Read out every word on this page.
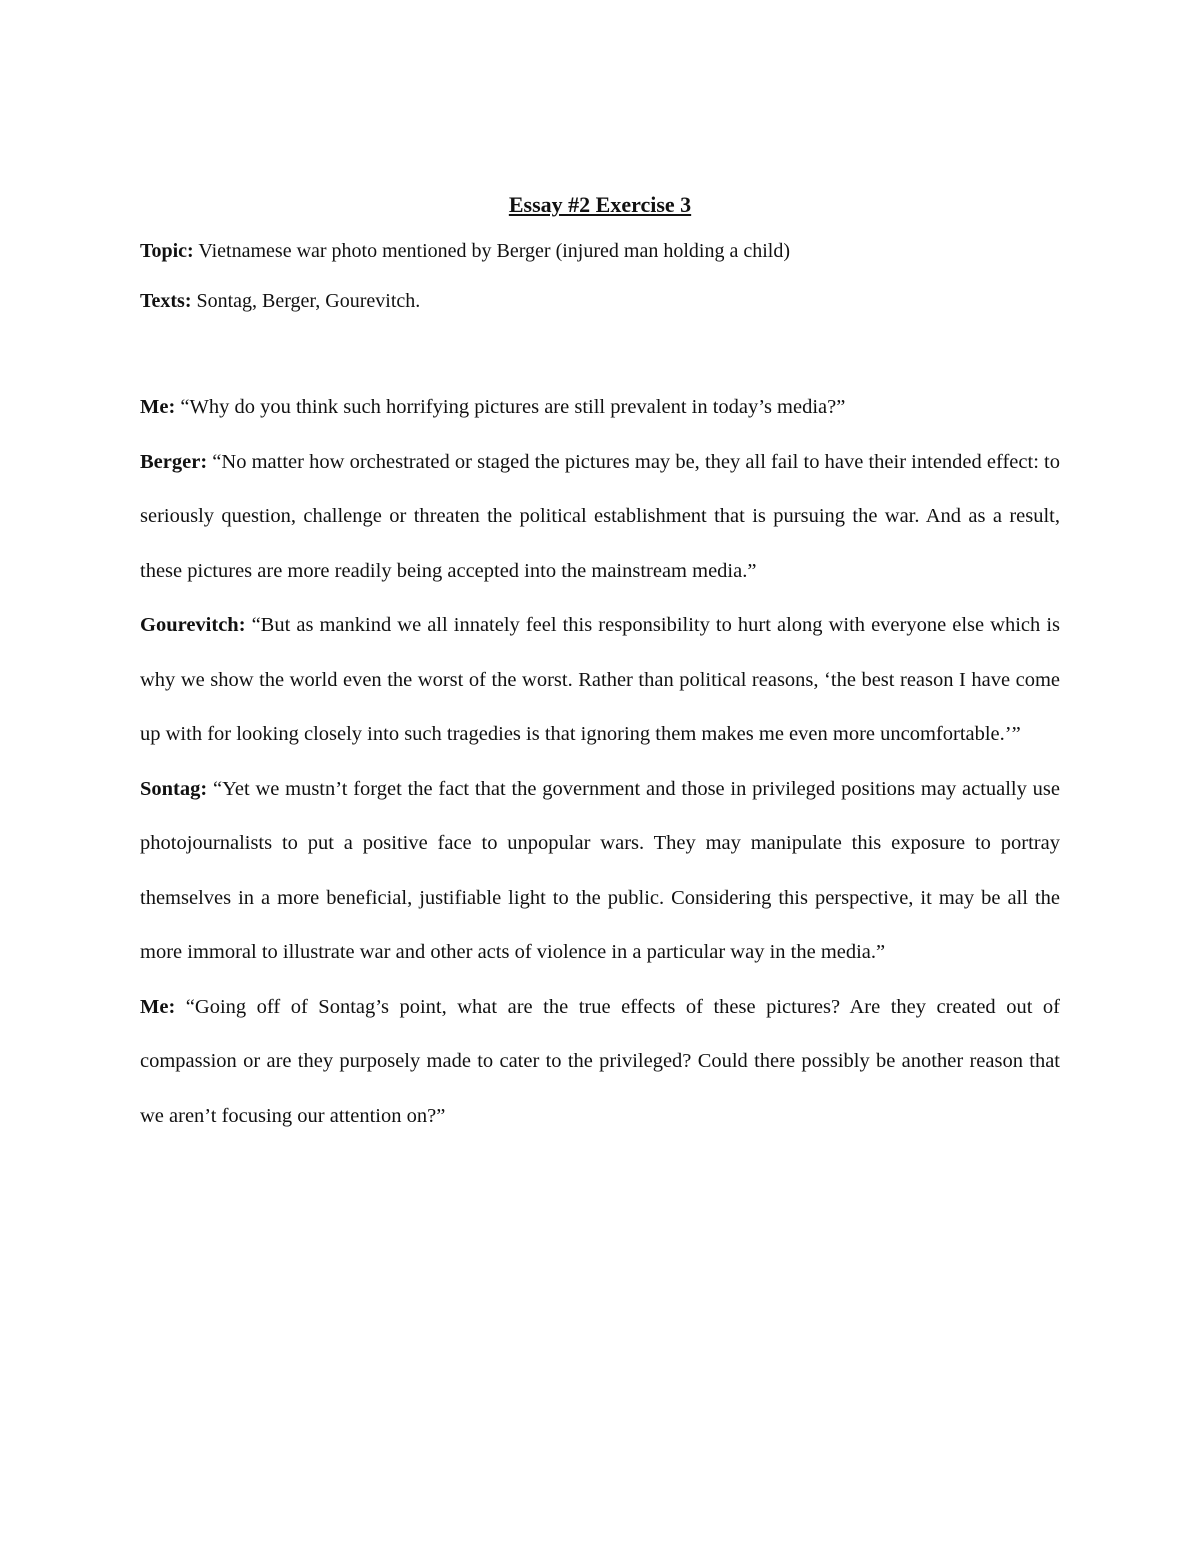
Essay #2 Exercise 3
Topic: Vietnamese war photo mentioned by Berger (injured man holding a child)
Texts: Sontag, Berger, Gourevitch.

Me: “Why do you think such horrifying pictures are still prevalent in today’s media?”

Berger: “No matter how orchestrated or staged the pictures may be, they all fail to have their intended effect: to seriously question, challenge or threaten the political establishment that is pursuing the war. And as a result, these pictures are more readily being accepted into the mainstream media.”

Gourevitch: “But as mankind we all innately feel this responsibility to hurt along with everyone else which is why we show the world even the worst of the worst. Rather than political reasons, ‘the best reason I have come up with for looking closely into such tragedies is that ignoring them makes me even more uncomfortable.’”

Sontag: “Yet we mustn’t forget the fact that the government and those in privileged positions may actually use photojournalists to put a positive face to unpopular wars. They may manipulate this exposure to portray themselves in a more beneficial, justifiable light to the public. Considering this perspective, it may be all the more immoral to illustrate war and other acts of violence in a particular way in the media.”

Me: “Going off of Sontag’s point, what are the true effects of these pictures? Are they created out of compassion or are they purposely made to cater to the privileged? Could there possibly be another reason that we aren’t focusing our attention on?”
